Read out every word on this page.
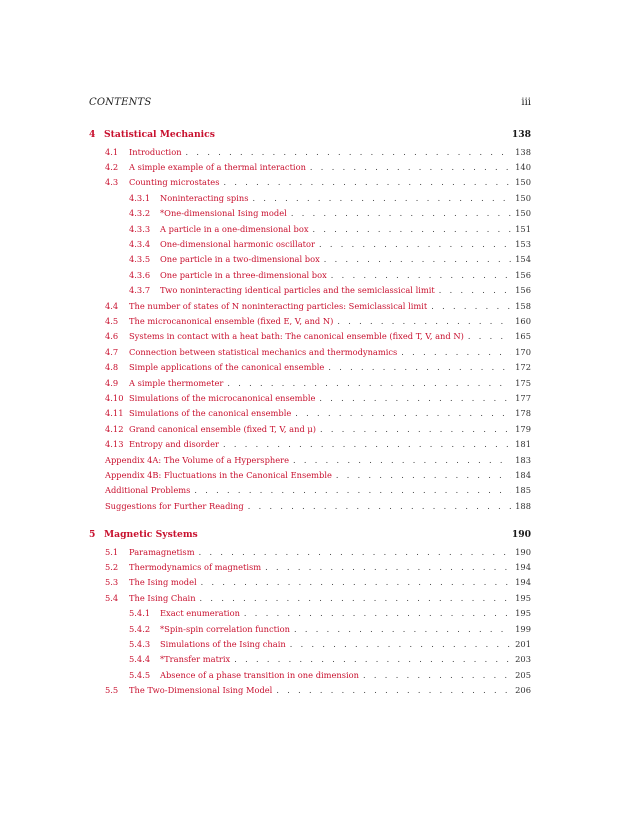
CONTENTS	iii
4 Statistical Mechanics	138
4.1	Introduction . . .	138
4.2	A simple example of a thermal interaction . . .	140
4.3	Counting microstates . . .	150
4.3.1	Noninteracting spins . . .	150
4.3.2	*One-dimensional Ising model . . .	150
4.3.3	A particle in a one-dimensional box . . .	151
4.3.4	One-dimensional harmonic oscillator . . .	153
4.3.5	One particle in a two-dimensional box . . .	154
4.3.6	One particle in a three-dimensional box . . .	156
4.3.7	Two noninteracting identical particles and the semiclassical limit . . .	156
4.4	The number of states of N noninteracting particles: Semiclassical limit . . .	158
4.5	The microcanonical ensemble (fixed E, V, and N) . . .	160
4.6	Systems in contact with a heat bath: The canonical ensemble (fixed T, V, and N) . . .	165
4.7	Connection between statistical mechanics and thermodynamics . . .	170
4.8	Simple applications of the canonical ensemble . . .	172
4.9	A simple thermometer . . .	175
4.10 Simulations of the microcanonical ensemble . . .	177
4.11 Simulations of the canonical ensemble . . .	178
4.12 Grand canonical ensemble (fixed T, V, and μ) . . .	179
4.13 Entropy and disorder . . .	181
Appendix 4A: The Volume of a Hypersphere . . .	183
Appendix 4B: Fluctuations in the Canonical Ensemble . . .	184
Additional Problems . . .	185
Suggestions for Further Reading . . .	188
5 Magnetic Systems	190
5.1	Paramagnetism . . .	190
5.2	Thermodynamics of magnetism . . .	194
5.3	The Ising model . . .	194
5.4	The Ising Chain . . .	195
5.4.1	Exact enumeration . . .	195
5.4.2	*Spin-spin correlation function . . .	199
5.4.3	Simulations of the Ising chain . . .	201
5.4.4	*Transfer matrix . . .	203
5.4.5	Absence of a phase transition in one dimension . . .	205
5.5	The Two-Dimensional Ising Model . . .	206
